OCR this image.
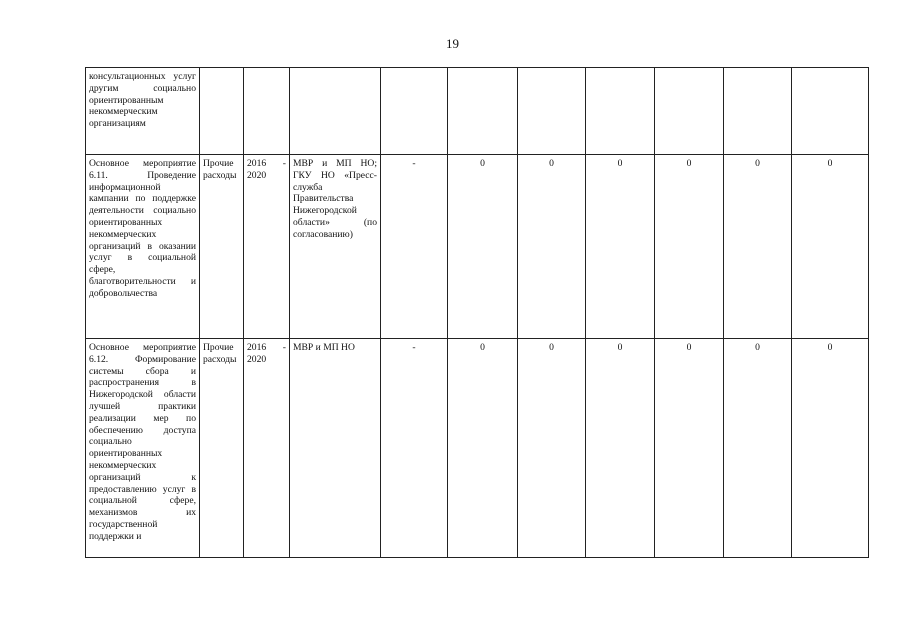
19
консультационных услуг другим социально ориентированным некоммерческим организациям										
Основное мероприятие 6.11. Проведение информационной кампании по поддержке деятельности социально ориентированных некоммерческих организаций в оказании услуг в социальной сфере, благотворительности и добровольчества	Прочие расходы	2016 - 2020	МВР и МП НО; ГКУ НО «Пресс-служба Правительства Нижегородской области» (по согласованию)	-	0	0	0	0	0	0
Основное мероприятие 6.12. Формирование системы сбора и распространения в Нижегородской области лучшей практики реализации мер по обеспечению доступа социально ориентированных некоммерческих организаций к предоставлению услуг в социальной сфере, механизмов их государственной поддержки и	Прочие расходы	2016 - 2020	МВР и МП НО	-	0	0	0	0	0	0
